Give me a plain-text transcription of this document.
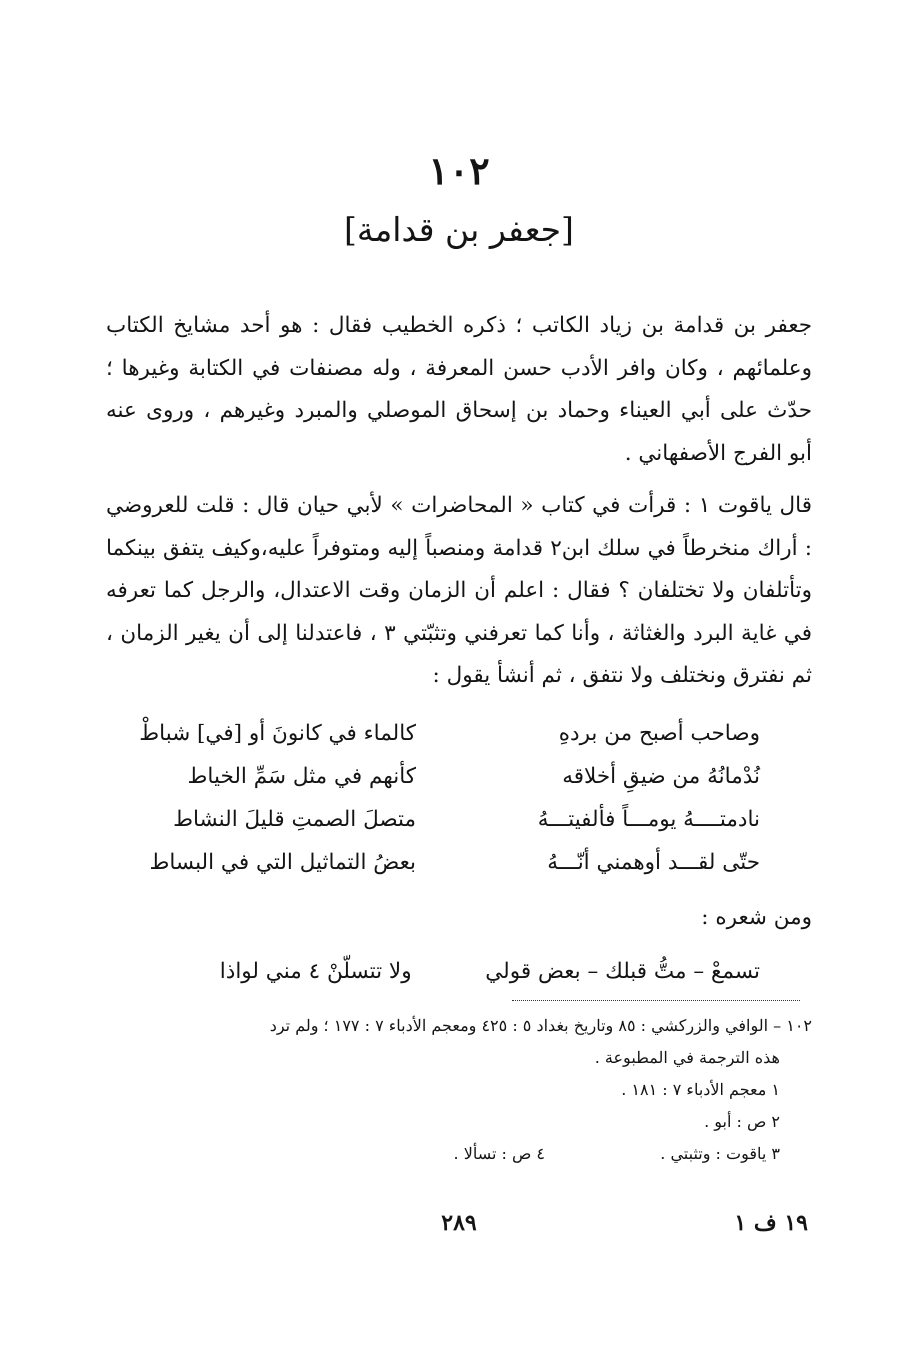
١٠٢
[جعفر بن قدامة]

جعفر بن قدامة بن زياد الكاتب ؛ ذكره الخطيب فقال : هو أحد مشايخ الكتاب وعلمائهم ، وكان وافر الأدب حسن المعرفة ، وله مصنفات في الكتابة وغيرها ؛ حدّث على أبي العيناء وحماد بن إسحاق الموصلي والمبرد وغيرهم ، وروى عنه أبو الفرج الأصفهاني .

قال ياقوت ١ : قرأت في كتاب « المحاضرات » لأبي حيان قال : قلت للعروضي : أراك منخرطاً في سلك ابن٢ قدامة ومنصباً إليه ومتوفراً عليه،وكيف يتفق بينكما وتأتلفان ولا تختلفان ؟ فقال : اعلم أن الزمان وقت الاعتدال، والرجل كما تعرفه في غاية البرد والغثاثة ، وأنا كما تعرفني وتثبّتي ٣ ، فاعتدلنا إلى أن يغير الزمان ، ثم نفترق ونختلف ولا نتفق ، ثم أنشأ يقول :

وصاحب أصبح من بردهِ
كالماء في كانونَ أو [في] شباطْ
نُدْمانُهُ من ضيقِ أخلاقه
كأنهم في مثل سَمِّ الخياط
نادمتــــهُ يومـــاً فألفيتـــهُ
متصلَ الصمتِ قليلَ النشاط
حتّى لقـــد أوهمني أنّـــهُ
بعضُ التماثيل التي في البساط
ومن شعره :
تسمعْ – متُّ قبلك – بعض قولي  ولا تتسلّنْ ٤ مني لواذا
١٠٢ – الوافي والزركشي : ٨٥ وتاريخ بغداد ٥ : ٤٢٥ ومعجم الأدباء ٧ : ١٧٧ ؛ ولم ترد
هذه الترجمة في المطبوعة .
١ معجم الأدباء ٧ : ١٨١ .
٢ ص : أبو .
٣ ياقوت : وتثبتي .
٤ ص : تسألا .
١٩ ف ١
٢٨٩
